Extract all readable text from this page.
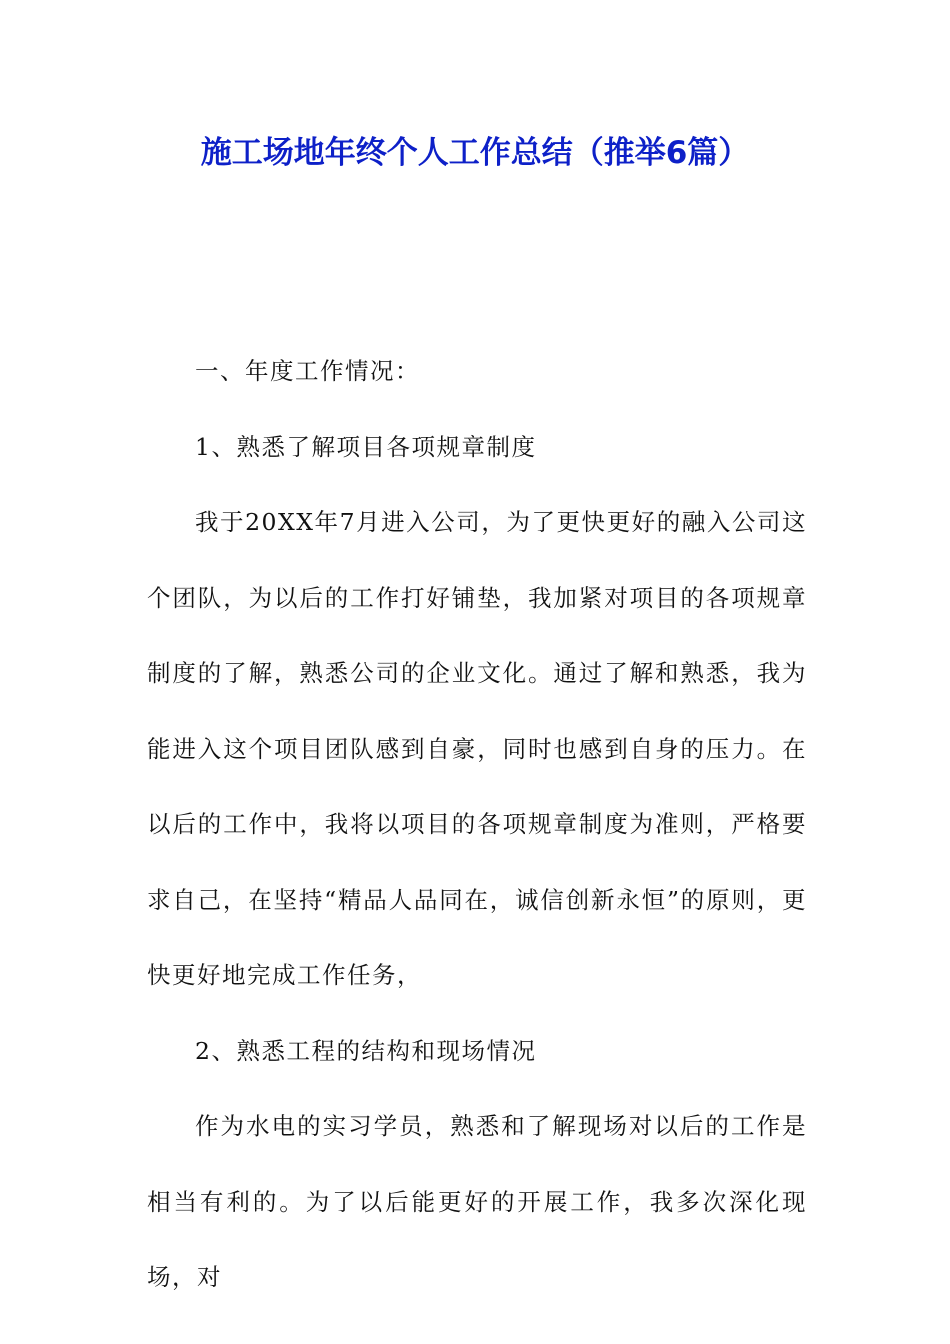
施工场地年终个人工作总结（推举6篇）

一、年度工作情况：

1、熟悉了解项目各项规章制度

我于20XX年7月进入公司，为了更快更好的融入公司这个团队，为以后的工作打好铺垫，我加紧对项目的各项规章制度的了解，熟悉公司的企业文化。通过了解和熟悉，我为能进入这个项目团队感到自豪，同时也感到自身的压力。在以后的工作中，我将以项目的各项规章制度为准则，严格要求自己，在坚持“精品人品同在，诚信创新永恒”的原则，更快更好地完成工作任务，

2、熟悉工程的结构和现场情况

作为水电的实习学员，熟悉和了解现场对以后的工作是相当有利的。为了以后能更好的开展工作，我多次深化现场，对
